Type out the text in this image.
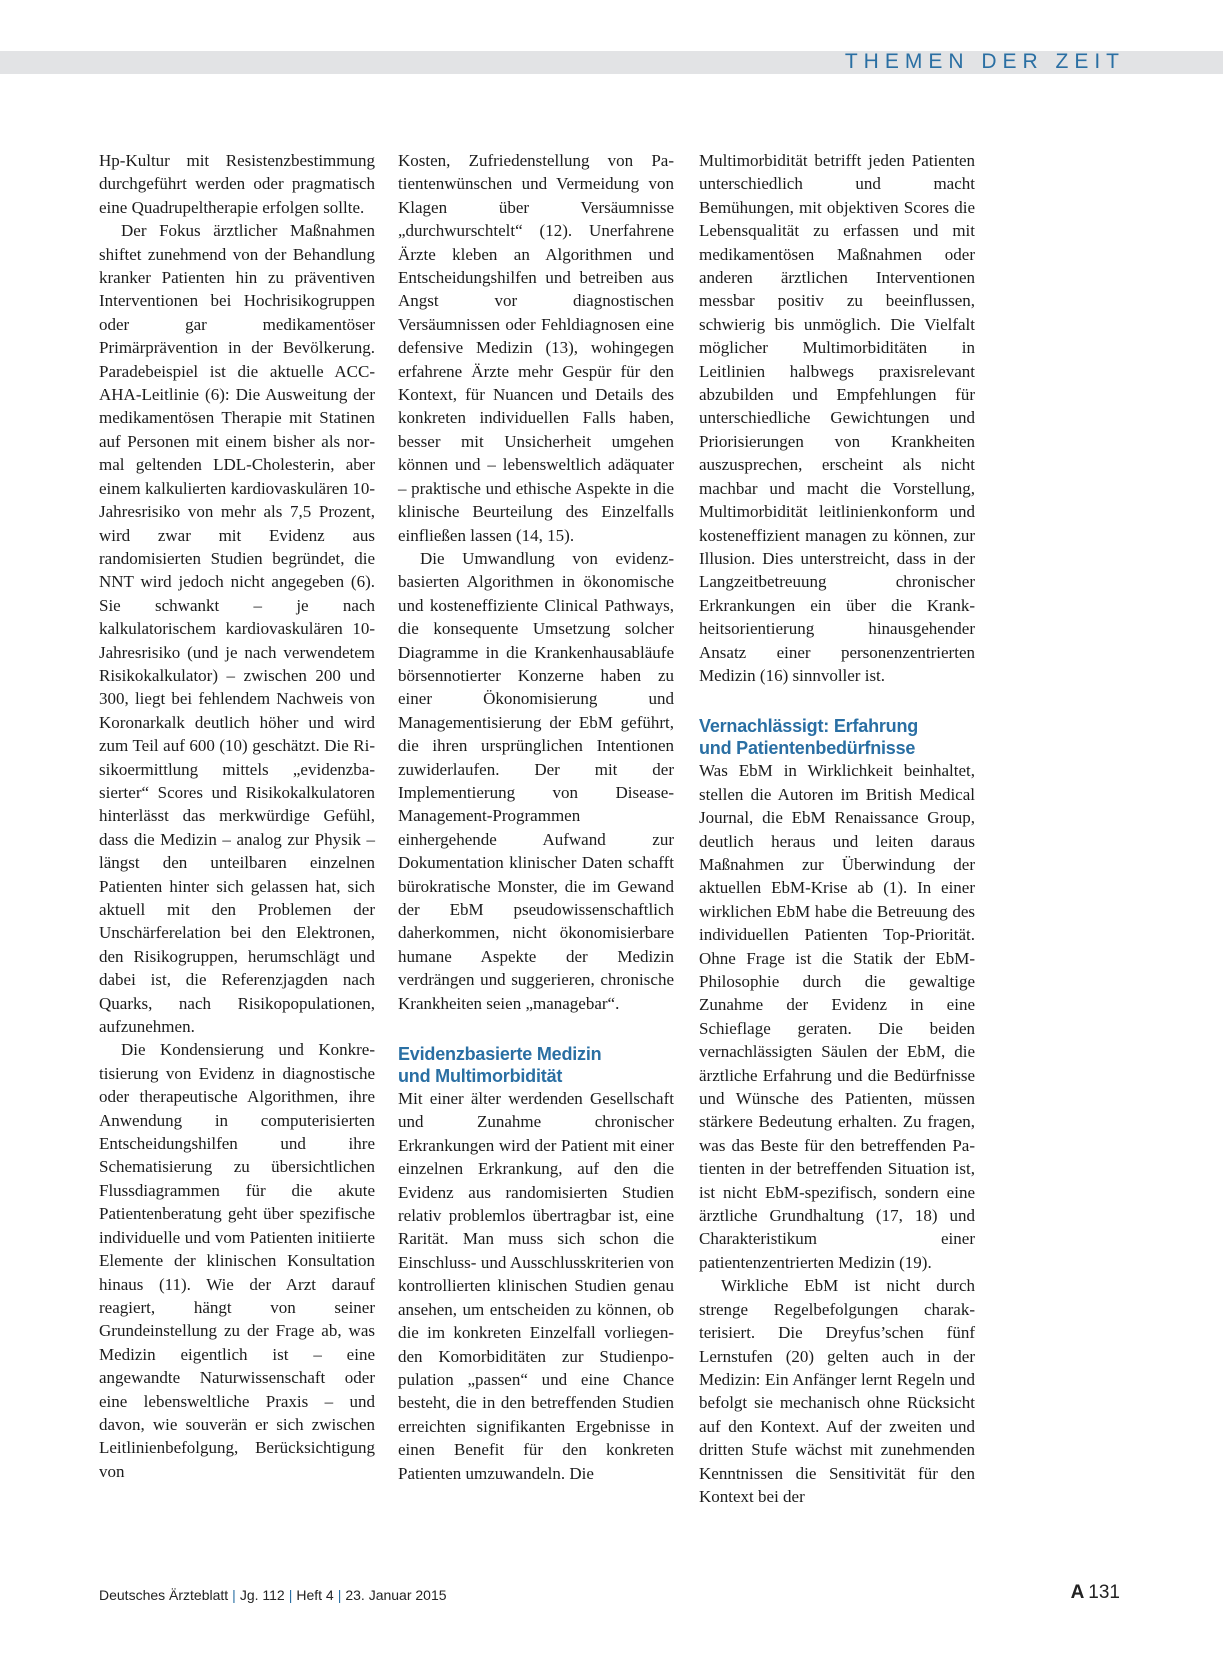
THEMEN DER ZEIT

Hp-Kultur mit Resistenzbestimmung durchgeführt werden oder pragmatisch eine Quadrupeltherapie erfolgen sollte.

Der Fokus ärztlicher Maßnahmen shiftet zunehmend von der Behandlung kranker Patienten hin zu präventiven Interventionen bei Hochrisikogruppen oder gar medikamentöser Primärprävention in der Bevölkerung. Paradebeispiel ist die aktuelle ACC-AHA-Leitlinie (6): Die Ausweitung der medikamentösen Therapie mit Statinen auf Personen mit einem bisher als normal geltenden LDL-Cholesterin, aber einem kalkulierten kardiovaskulären 10-Jahresrisiko von mehr als 7,5 Prozent, wird zwar mit Evidenz aus randomisierten Studien begründet, die NNT wird jedoch nicht angegeben (6). Sie schwankt – je nach kalkulatorischem kardiovaskulären 10-Jahresrisiko (und je nach verwendetem Risikokalkulator) – zwischen 200 und 300, liegt bei fehlendem Nachweis von Koronarkalk deutlich höher und wird zum Teil auf 600 (10) geschätzt. Die Risikoermittlung mittels „evidenzbasierter“ Scores und Risikokalkulatoren hinterlässt das merkwürdige Gefühl, dass die Medizin – analog zur Physik – längst den unteilbaren einzelnen Patienten hinter sich gelassen hat, sich aktuell mit den Problemen der Unschärferelation bei den Elektronen, den Risikogruppen, herumschlägt und dabei ist, die Referenzjagden nach Quarks, nach Risikopopulationen, aufzunehmen.

Die Kondensierung und Konkretisierung von Evidenz in diagnostische oder therapeutische Algorithmen, ihre Anwendung in computerisierten Entscheidungshilfen und ihre Schematisierung zu übersichtlichen Flussdiagrammen für die akute Patientenberatung geht über spezifische individuelle und vom Patienten initiierte Elemente der klinischen Konsultation hinaus (11). Wie der Arzt darauf reagiert, hängt von seiner Grundeinstellung zu der Frage ab, was Medizin eigentlich ist – eine angewandte Naturwissenschaft oder eine lebensweltliche Praxis – und davon, wie souverän er sich zwischen Leitlinienbefolgung, Berücksichtigung von

Kosten, Zufriedenstellung von Patientenwünschen und Vermeidung von Klagen über Versäumnisse „durchwurschtelt“ (12). Unerfahrene Ärzte kleben an Algorithmen und Entscheidungshilfen und betreiben aus Angst vor diagnostischen Versäumnissen oder Fehldiagnosen eine defensive Medizin (13), wohingegen erfahrene Ärzte mehr Gespür für den Kontext, für Nuancen und Details des konkreten individuellen Falls haben, besser mit Unsicherheit umgehen können und – lebensweltlich adäquater – praktische und ethische Aspekte in die klinische Beurteilung des Einzelfalls einfließen lassen (14, 15).

Die Umwandlung von evidenzbasierten Algorithmen in ökonomische und kosteneffiziente Clinical Pathways, die konsequente Umsetzung solcher Diagramme in die Krankenhausabläufe börsennotierter Konzerne haben zu einer Ökonomisierung und Managementisierung der EbM geführt, die ihren ursprünglichen Intentionen zuwiderlaufen. Der mit der Implementierung von Disease-Management-Programmen einhergehende Aufwand zur Dokumentation klinischer Daten schafft bürokratische Monster, die im Gewand der EbM pseudowissenschaftlich daherkommen, nicht ökonomisierbare humane Aspekte der Medizin verdrängen und suggerieren, chronische Krankheiten seien „managebar“.

Evidenzbasierte Medizin
und Multimorbidität

Mit einer älter werdenden Gesellschaft und Zunahme chronischer Erkrankungen wird der Patient mit einer einzelnen Erkrankung, auf den die Evidenz aus randomisierten Studien relativ problemlos übertragbar ist, eine Rarität. Man muss sich schon die Einschluss- und Ausschlusskriterien von kontrollierten klinischen Studien genau ansehen, um entscheiden zu können, ob die im konkreten Einzelfall vorliegenden Komorbiditäten zur Studienpopulation „passen“ und eine Chance besteht, die in den betreffenden Studien erreichten signifikanten Ergebnisse in einen Benefit für den konkreten Patienten umzuwandeln. Die

Multimorbidität betrifft jeden Patienten unterschiedlich und macht Bemühungen, mit objektiven Scores die Lebensqualität zu erfassen und mit medikamentösen Maßnahmen oder anderen ärztlichen Interventionen messbar positiv zu beeinflussen, schwierig bis unmöglich. Die Vielfalt möglicher Multimorbiditäten in Leitlinien halbwegs praxisrelevant abzubilden und Empfehlungen für unterschiedliche Gewichtungen und Priorisierungen von Krankheiten auszusprechen, erscheint als nicht machbar und macht die Vorstellung, Multimorbidität leitlinienkonform und kosteneffizient managen zu können, zur Illusion. Dies unterstreicht, dass in der Langzeitbetreuung chronischer Erkrankungen ein über die Krankheitsorientierung hinausgehender Ansatz einer personenzentrierten Medizin (16) sinnvoller ist.

Vernachlässigt: Erfahrung
und Patientenbedürfnisse

Was EbM in Wirklichkeit beinhaltet, stellen die Autoren im British Medical Journal, die EbM Renaissance Group, deutlich heraus und leiten daraus Maßnahmen zur Überwindung der aktuellen EbM-Krise ab (1). In einer wirklichen EbM habe die Betreuung des individuellen Patienten Top-Priorität. Ohne Frage ist die Statik der EbM-Philosophie durch die gewaltige Zunahme der Evidenz in eine Schieflage geraten. Die beiden vernachlässigten Säulen der EbM, die ärztliche Erfahrung und die Bedürfnisse und Wünsche des Patienten, müssen stärkere Bedeutung erhalten. Zu fragen, was das Beste für den betreffenden Patienten in der betreffenden Situation ist, ist nicht EbM-spezifisch, sondern eine ärztliche Grundhaltung (17, 18) und Charakteristikum einer patientenzentrierten Medizin (19).

Wirkliche EbM ist nicht durch strenge Regelbefolgungen charakterisiert. Die Dreyfus’schen fünf Lernstufen (20) gelten auch in der Medizin: Ein Anfänger lernt Regeln und befolgt sie mechanisch ohne Rücksicht auf den Kontext. Auf der zweiten und dritten Stufe wächst mit zunehmenden Kenntnissen die Sensitivität für den Kontext bei der

Deutsches Ärzteblatt | Jg. 112 | Heft 4 | 23. Januar 2015	A 131
